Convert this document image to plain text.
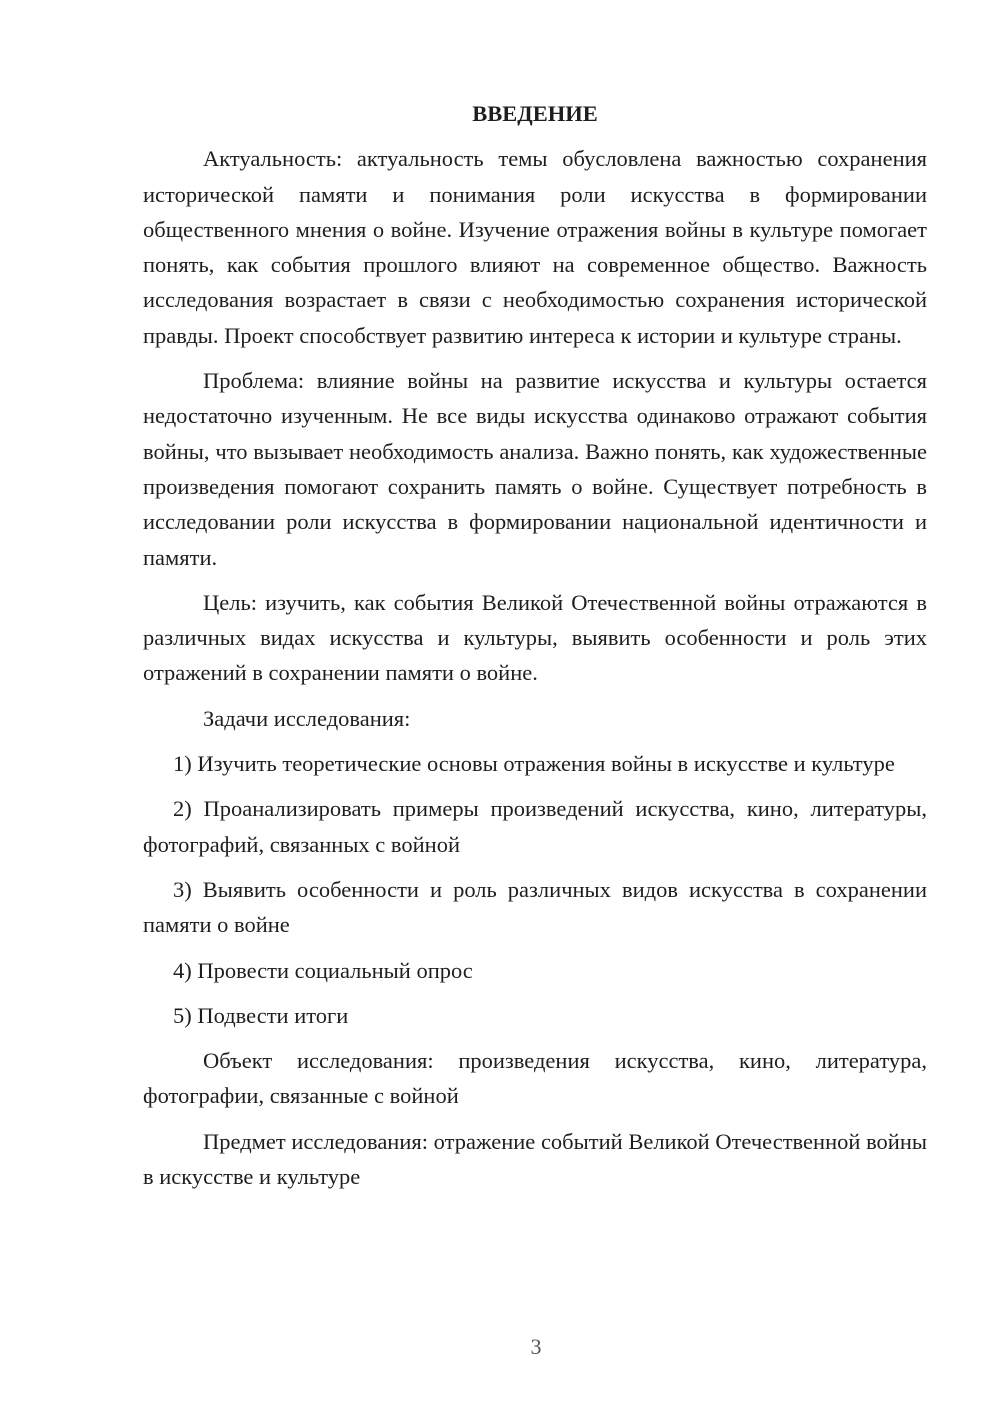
ВВЕДЕНИЕ

Актуальность: актуальность темы обусловлена важностью сохранения исторической памяти и понимания роли искусства в формировании общественного мнения о войне. Изучение отражения войны в культуре помогает понять, как события прошлого влияют на современное общество. Важность исследования возрастает в связи с необходимостью сохранения исторической правды. Проект способствует развитию интереса к истории и культуре страны.

Проблема: влияние войны на развитие искусства и культуры остается недостаточно изученным. Не все виды искусства одинаково отражают события войны, что вызывает необходимость анализа. Важно понять, как художественные произведения помогают сохранить память о войне. Существует потребность в исследовании роли искусства в формировании национальной идентичности и памяти.

Цель: изучить, как события Великой Отечественной войны отражаются в различных видах искусства и культуры, выявить особенности и роль этих отражений в сохранении памяти о войне.

Задачи исследования:

1) Изучить теоретические основы отражения войны в искусстве и культуре

2) Проанализировать примеры произведений искусства, кино, литературы, фотографий, связанных с войной

3) Выявить особенности и роль различных видов искусства в сохранении памяти о войне

4) Провести социальный опрос

5) Подвести итоги

Объект исследования: произведения искусства, кино, литература, фотографии, связанные с войной

Предмет исследования: отражение событий Великой Отечественной войны в искусстве и культуре

3
